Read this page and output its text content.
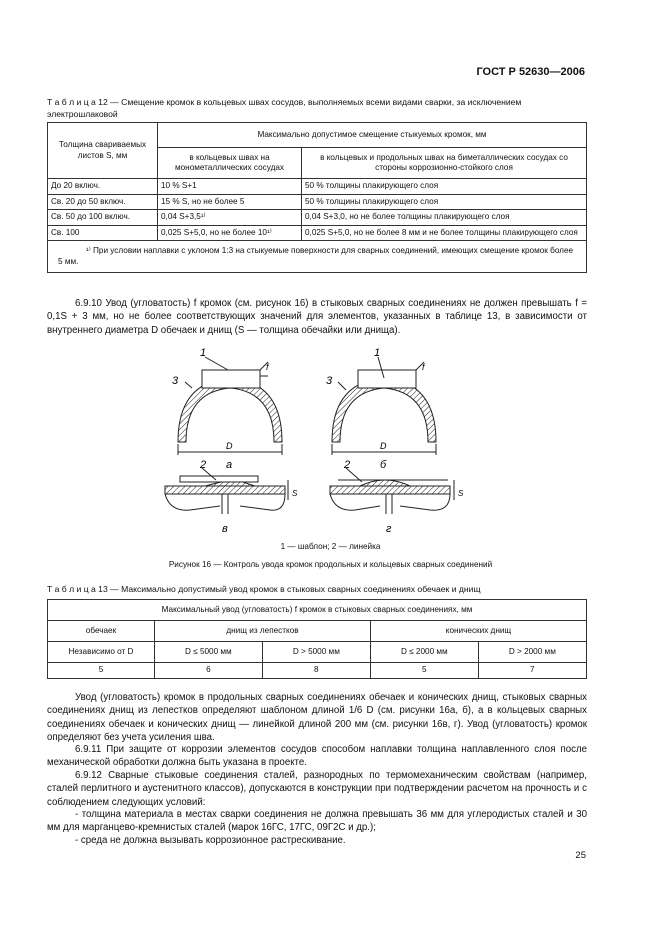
ГОСТ Р 52630—2006
Т а б л и ц а 12 — Смещение кромок в кольцевых швах сосудов, выполняемых всеми видами сварки, за исключением электрошлаковой
Толщина свариваемых листов S, мм	Максимально допустимое смещение стыкуемых кромок, мм	
	в кольцевых швах на монометаллических сосудах	в кольцевых и продольных швах на биметаллических сосудах со стороны коррозионно-стойкого слоя
До 20 включ.	10 % S+1	50 % толщины плакирующего слоя
Св. 20 до 50 включ.	15 % S, но не более 5	50 % толщины плакирующего слоя
Св. 50 до 100 включ.	0,04 S+3,5¹⁾	0,04 S+3,0, но не более толщины плакирующего слоя
Св. 100	0,025 S+5,0, но не более 10¹⁾	0,025 S+5,0, но не более 8 мм и не более толщины плакирующего слоя
¹⁾ При условии наплавки с уклоном 1:3 на стыкуемые поверхности для сварных соединений, имеющих смещение кромок более 5 мм.		
6.9.10 Увод (угловатость) f кромок (см. рисунок 16) в стыковых сварных соединениях не должен превышать f = 0,1S + 3 мм, но не более соответствующих значений для элементов, указанных в таблице 13, в зависимости от внутреннего диаметра D обечаек и днищ (S — толщина обечайки или днища).
1
3
D
f
а
1
3
D
f
б
2
S
в
2
S
г
1 — шаблон; 2 — линейка
Рисунок 16 — Контроль увода кромок продольных и кольцевых сварных соединений
Т а б л и ц а 13 — Максимально допустимый увод кромок в стыковых сварных соединениях обечаек и днищ
Максимальный увод (угловатость) f кромок в стыковых сварных соединениях, мм				
обечаек	днищ из лепестков		конических днищ	
Независимо от D	D ≤ 5000 мм	D > 5000 мм	D ≤ 2000 мм	D > 2000 мм
5	6	8	5	7
Увод (угловатость) кромок в продольных сварных соединениях обечаек и конических днищ, стыковых сварных соединениях днищ из лепестков определяют шаблоном длиной 1/6 D (см. рисунки 16а, б), а в кольцевых сварных соединениях обечаек и конических днищ — линейкой длиной 200 мм (см. рисунки 16в, г). Увод (угловатость) кромок определяют без учета усиления шва.
6.9.11 При защите от коррозии элементов сосудов способом наплавки толщина наплавленного слоя после механической обработки должна быть указана в проекте.
6.9.12 Сварные стыковые соединения сталей, разнородных по термомеханическим свойствам (например, сталей перлитного и аустенитного классов), допускаются в конструкции при подтверждении расчетом на прочность и с соблюдением следующих условий:
- толщина материала в местах сварки соединения не должна превышать 36 мм для углеродистых сталей и 30 мм для марганцево-кремнистых сталей (марок 16ГС, 17ГС, 09Г2С и др.);
- среда не должна вызывать коррозионное растрескивание.
25
